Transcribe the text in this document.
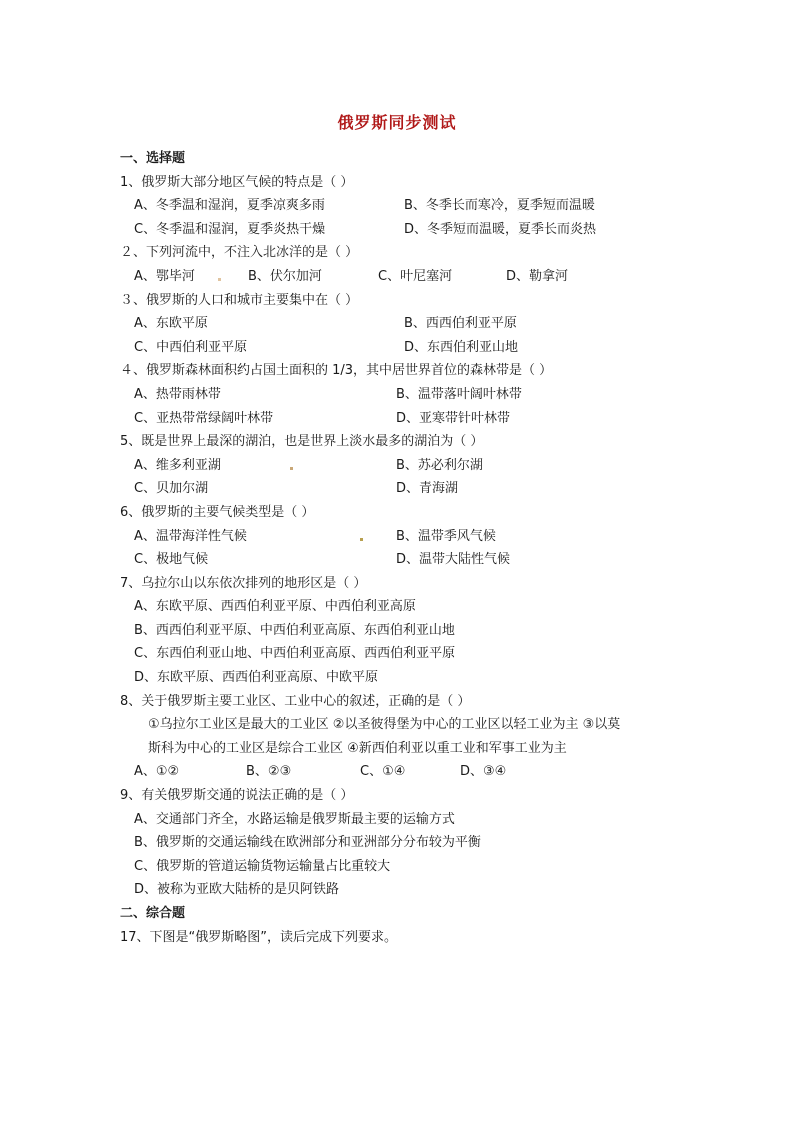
俄罗斯同步测试
一、选择题
1、俄罗斯大部分地区气候的特点是（ ）
A、冬季温和湿润，夏季凉爽多雨	B、冬季长而寒冷，夏季短而温暖
C、冬季温和湿润，夏季炎热干燥	D、冬季短而温暖，夏季长而炎热
２、下列河流中，不注入北冰洋的是（ ）
A、鄂毕河	B、伏尔加河	C、叶尼塞河	D、勒拿河
３、俄罗斯的人口和城市主要集中在（ ）
A、东欧平原	B、西西伯利亚平原
C、中西伯利亚平原	D、东西伯利亚山地
４、俄罗斯森林面积约占国土面积的 1/3，其中居世界首位的森林带是（ ）
A、热带雨林带	B、温带落叶阔叶林带
C、亚热带常绿阔叶林带	D、亚寒带针叶林带
5、既是世界上最深的湖泊，也是世界上淡水最多的湖泊为（ ）
A、维多利亚湖	B、苏必利尔湖
C、贝加尔湖	D、青海湖
6、俄罗斯的主要气候类型是（ ）
A、温带海洋性气候	B、温带季风气候
C、极地气候	D、温带大陆性气候
7、乌拉尔山以东依次排列的地形区是（ ）
A、东欧平原、西西伯利亚平原、中西伯利亚高原
B、西西伯利亚平原、中西伯利亚高原、东西伯利亚山地
C、东西伯利亚山地、中西伯利亚高原、西西伯利亚平原
D、东欧平原、西西伯利亚高原、中欧平原
8、关于俄罗斯主要工业区、工业中心的叙述，正确的是（ ）
①乌拉尔工业区是最大的工业区 ②以圣彼得堡为中心的工业区以轻工业为主 ③以莫
斯科为中心的工业区是综合工业区 ④新西伯利亚以重工业和军事工业为主
A、①②	B、②③	C、①④	D、③④
9、有关俄罗斯交通的说法正确的是（ ）
A、交通部门齐全，水路运输是俄罗斯最主要的运输方式
B、俄罗斯的交通运输线在欧洲部分和亚洲部分分布较为平衡
C、俄罗斯的管道运输货物运输量占比重较大
D、被称为亚欧大陆桥的是贝阿铁路
二、综合题
17、下图是“俄罗斯略图”，读后完成下列要求。
